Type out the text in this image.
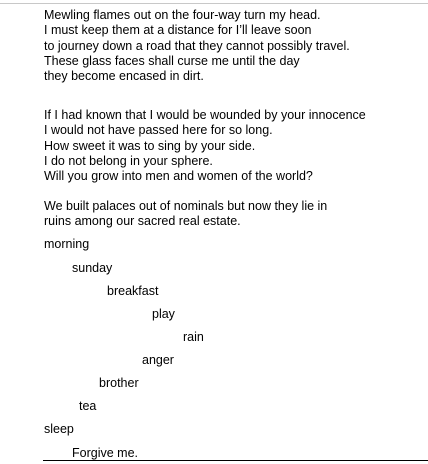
Mewling flames out on the four-way turn my head.
I must keep them at a distance for I’ll leave soon
to journey down a road that they cannot possibly travel.
These glass faces shall curse me until the day
they become encased in dirt.
If I had known that I would be wounded by your innocence
I would not have passed here for so long.
How sweet it was to sing by your side.
I do not belong in your sphere.
Will you grow into men and women of the world?
We built palaces out of nominals but now they lie in
ruins among our sacred real estate.
morning
sunday
breakfast
play
rain
anger
brother
tea
sleep
Forgive me.
